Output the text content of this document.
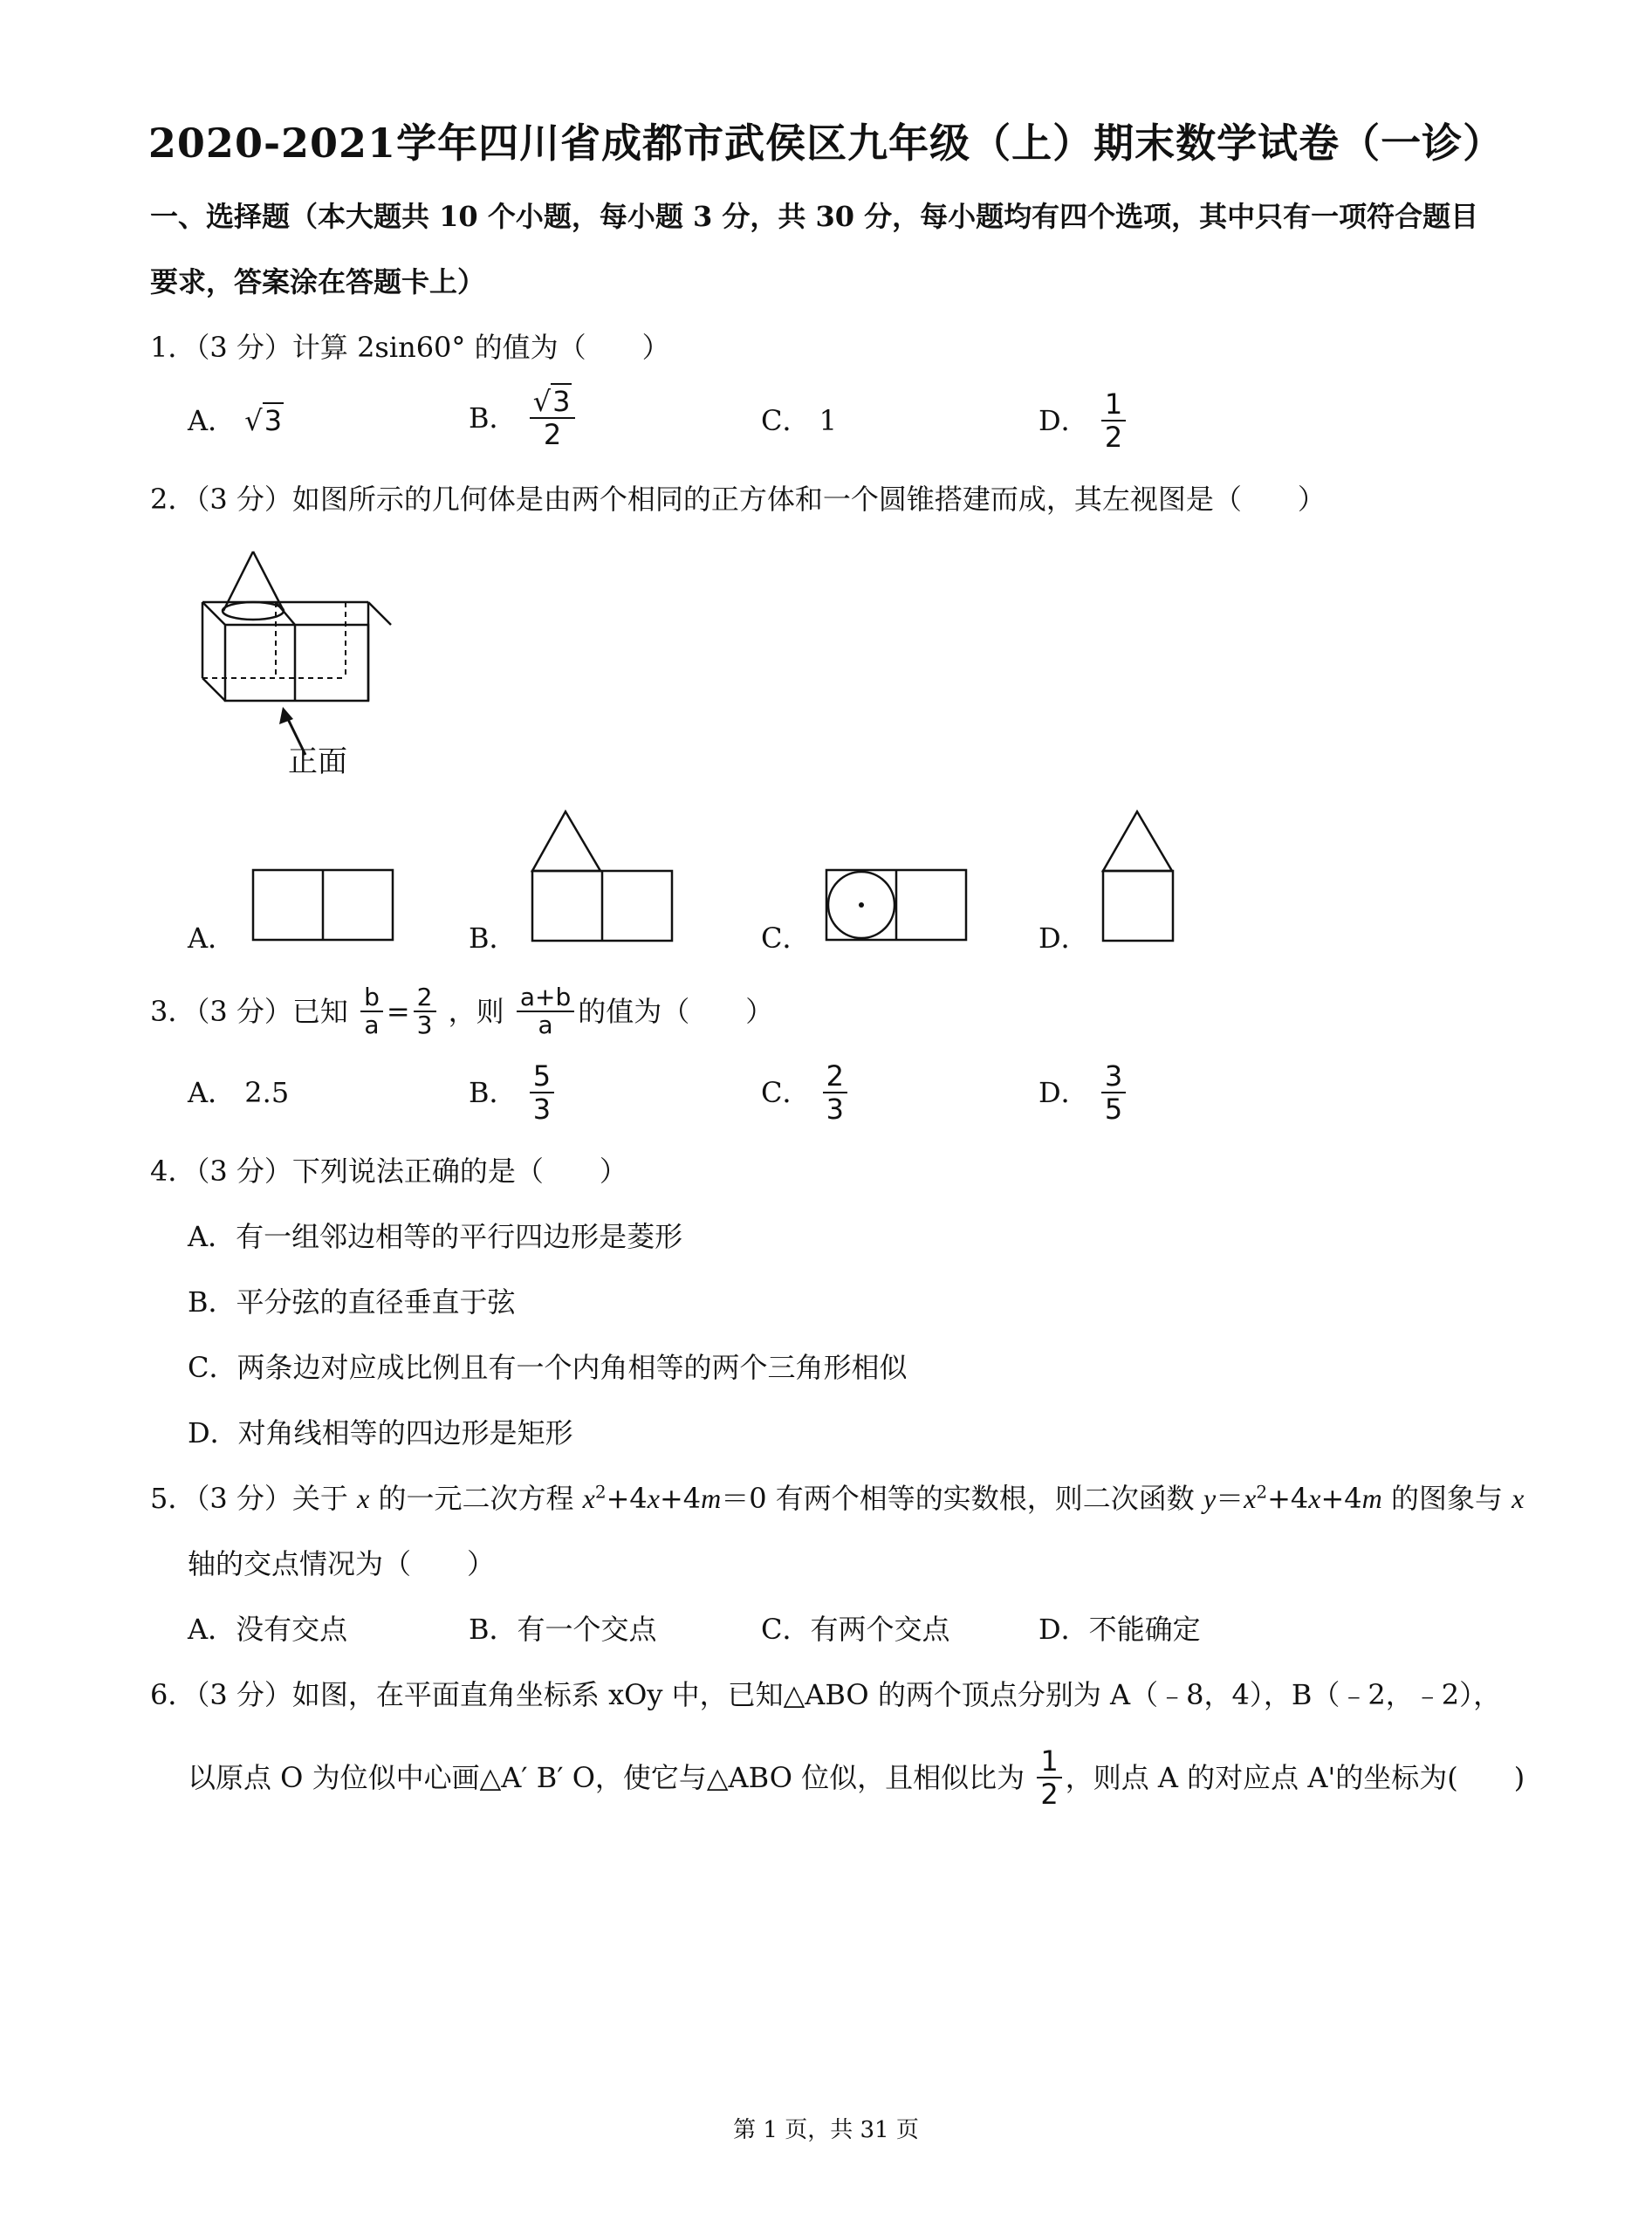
2020-2021学年四川省成都市武侯区九年级（上）期末数学试卷（一诊）
一、选择题（本大题共 10 个小题，每小题 3 分，共 30 分，每小题均有四个选项，其中只有一项符合题目
要求，答案涂在答题卡上）
1．（3 分）计算 2sin60° 的值为（　　）
A． √3	B． $\frac{√3}{2}$	C． 1	D． $\frac{1}{2}$
2．（3 分）如图所示的几何体是由两个相同的正方体和一个圆锥搭建而成，其左视图是（　　）
正面
A．	B．	C．	D．
3．（3 分）已知 $\frac{b}{a} = \frac{2}{3}$ ，则 $\frac{a+b}{a}$ 的值为（　　）
A． 2.5	B． $\frac{5}{3}$	C． $\frac{2}{3}$	D． $\frac{3}{5}$
4．（3 分）下列说法正确的是（　　）
A．有一组邻边相等的平行四边形是菱形
B．平分弦的直径垂直于弦
C．两条边对应成比例且有一个内角相等的两个三角形相似
D．对角线相等的四边形是矩形
5．（3 分）关于 x 的一元二次方程 $x^2+4x+4m=0$ 有两个相等的实数根，则二次函数 $y=x^2+4x+4m$ 的图象与 x
轴的交点情况为（　　）
A．没有交点	B．有一个交点	C．有两个交点	D．不能确定
6．（3 分）如图，在平面直角坐标系 xOy 中，已知△ABO 的两个顶点分别为 A（﹣8，4），B（﹣2，﹣2），
以原点 O 为位似中心画△A′ B′ O，使它与△ABO 位似，且相似比为 $\frac{1}{2}$ ，则点 A 的对应点 A'的坐标为(　　)
第 1 页，共 31 页
